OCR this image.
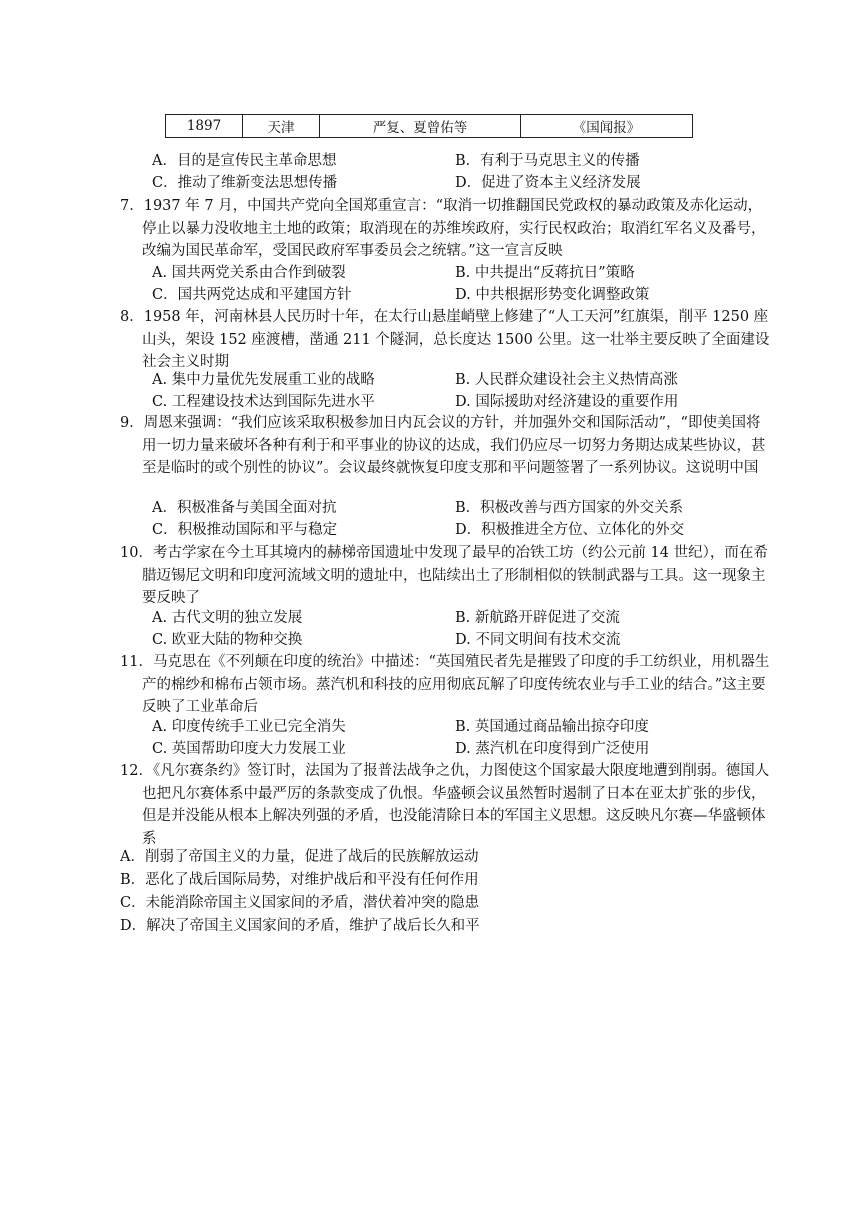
1897	天津	严复、夏曾佑等	《国闻报》
A．目的是宣传民主革命思想	B．有利于马克思主义的传播
C．推动了维新变法思想传播	D．促进了资本主义经济发展
7．1937 年 7 月，中国共产党向全国郑重宣言：“取消一切推翻国民党政权的暴动政策及赤化运动，停止以暴力没收地主土地的政策；取消现在的苏维埃政府，实行民权政治；取消红军名义及番号，改编为国民革命军，受国民政府军事委员会之统辖。”这一宣言反映
A. 国共两党关系由合作到破裂	B. 中共提出“反蒋抗日”策略
C．国共两党达成和平建国方针	D. 中共根据形势变化调整政策
8．1958 年，河南林县人民历时十年，在太行山悬崖峭壁上修建了“人工天河”红旗渠，削平 1250 座山头，架设 152 座渡槽，凿通 211 个隧洞，总长度达 1500 公里。这一壮举主要反映了全面建设社会主义时期
A. 集中力量优先发展重工业的战略	B. 人民群众建设社会主义热情高涨
C. 工程建设技术达到国际先进水平	D. 国际援助对经济建设的重要作用
9．周恩来强调：“我们应该采取积极参加日内瓦会议的方针，并加强外交和国际活动”，“即使美国将用一切力量来破坏各种有利于和平事业的协议的达成，我们仍应尽一切努力务期达成某些协议，甚至是临时的或个别性的协议”。会议最终就恢复印度支那和平问题签署了一系列协议。这说明中国
A．积极准备与美国全面对抗	B．积极改善与西方国家的外交关系
C．积极推动国际和平与稳定	D．积极推进全方位、立体化的外交
10．考古学家在今土耳其境内的赫梯帝国遗址中发现了最早的冶铁工坊（约公元前 14 世纪），而在希腊迈锡尼文明和印度河流域文明的遗址中，也陆续出土了形制相似的铁制武器与工具。这一现象主要反映了
A. 古代文明的独立发展	B. 新航路开辟促进了交流
C. 欧亚大陆的物种交换	D. 不同文明间有技术交流
11．马克思在《不列颠在印度的统治》中描述：“英国殖民者先是摧毁了印度的手工纺织业，用机器生产的棉纱和棉布占领市场。蒸汽机和科技的应用彻底瓦解了印度传统农业与手工业的结合。”这主要反映了工业革命后
A. 印度传统手工业已完全消失	B. 英国通过商品输出掠夺印度
C. 英国帮助印度大力发展工业	D. 蒸汽机在印度得到广泛使用
12．《凡尔赛条约》签订时，法国为了报普法战争之仇，力图使这个国家最大限度地遭到削弱。德国人也把凡尔赛体系中最严厉的条款变成了仇恨。华盛顿会议虽然暂时遏制了日本在亚太扩张的步伐，但是并没能从根本上解决列强的矛盾，也没能清除日本的军国主义思想。这反映凡尔赛—华盛顿体系
A．削弱了帝国主义的力量，促进了战后的民族解放运动
B．恶化了战后国际局势，对维护战后和平没有任何作用
C．未能消除帝国主义国家间的矛盾，潜伏着冲突的隐患
D．解决了帝国主义国家间的矛盾，维护了战后长久和平
